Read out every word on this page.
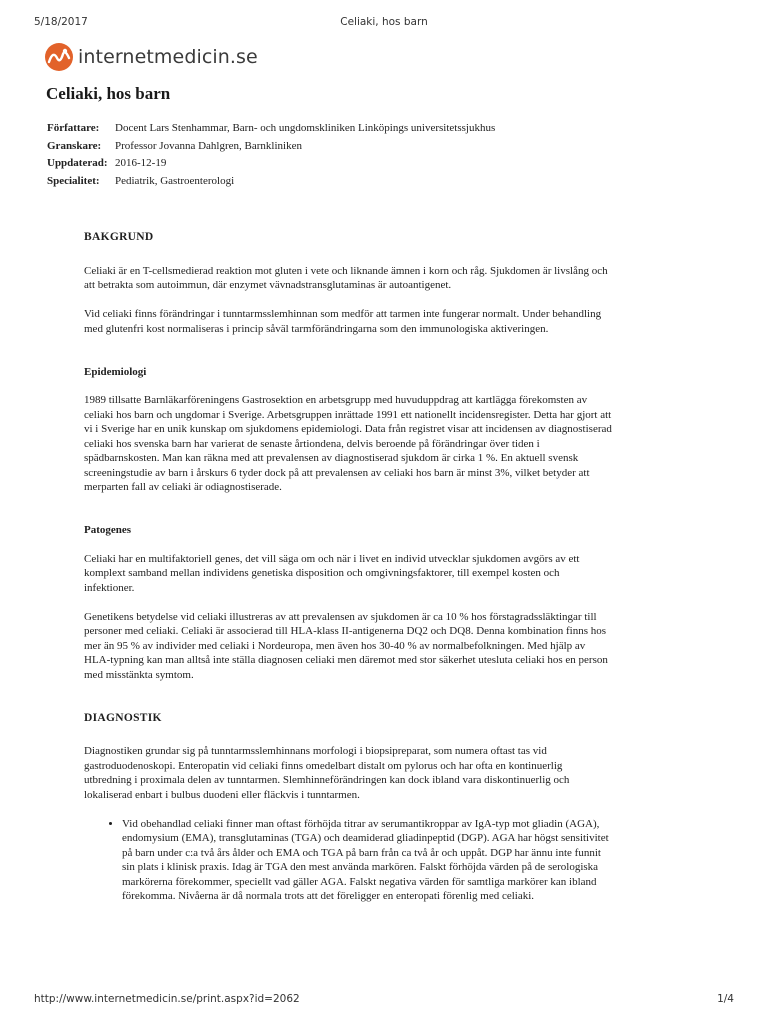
5/18/2017	Celiaki, hos barn
internetmedicin.se
Celiaki, hos barn
Författare:	Docent Lars Stenhammar, Barn- och ungdomskliniken Linköpings universitetssjukhus
Granskare:	Professor Jovanna Dahlgren, Barnkliniken
Uppdaterad: 2016-12-19
Specialitet:	Pediatrik, Gastroenterologi
BAKGRUND

Celiaki är en T-cellsmedierad reaktion mot gluten i vete och liknande ämnen i korn och råg. Sjukdomen är livslång och att betrakta som autoimmun, där enzymet vävnadstransglutaminas är autoantigenet.

Vid celiaki finns förändringar i tunntarmsslemhinnan som medför att tarmen inte fungerar normalt. Under behandling med glutenfri kost normaliseras i princip såväl tarmförändringarna som den immunologiska aktiveringen.

Epidemiologi

1989 tillsatte Barnläkarföreningens Gastrosektion en arbetsgrupp med huvuduppdrag att kartlägga förekomsten av celiaki hos barn och ungdomar i Sverige. Arbetsgruppen inrättade 1991 ett nationellt incidensregister. Detta har gjort att vi i Sverige har en unik kunskap om sjukdomens epidemiologi. Data från registret visar att incidensen av diagnostiserad celiaki hos svenska barn har varierat de senaste årtiondena, delvis beroende på förändringar över tiden i spädbarnskosten. Man kan räkna med att prevalensen av diagnostiserad sjukdom är cirka 1 %. En aktuell svensk screeningstudie av barn i årskurs 6 tyder dock på att prevalensen av celiaki hos barn är minst 3%, vilket betyder att merparten fall av celiaki är odiagnostiserade.

Patogenes

Celiaki har en multifaktoriell genes, det vill säga om och när i livet en individ utvecklar sjukdomen avgörs av ett komplext samband mellan individens genetiska disposition och omgivningsfaktorer, till exempel kosten och infektioner.

Genetikens betydelse vid celiaki illustreras av att prevalensen av sjukdomen är ca 10 % hos förstagradssläktingar till personer med celiaki. Celiaki är associerad till HLA-klass II-antigenerna DQ2 och DQ8. Denna kombination finns hos mer än 95 % av individer med celiaki i Nordeuropa, men även hos 30-40 % av normalbefolkningen. Med hjälp av HLA-typning kan man alltså inte ställa diagnosen celiaki men däremot med stor säkerhet utesluta celiaki hos en person med misstänkta symtom.

DIAGNOSTIK

Diagnostiken grundar sig på tunntarmsslemhinnans morfologi i biopsipreparat, som numera oftast tas vid gastroduodenoskopi. Enteropatin vid celiaki finns omedelbart distalt om pylorus och har ofta en kontinuerlig utbredning i proximala delen av tunntarmen. Slemhinneförändringen kan dock ibland vara diskontinuerlig och lokaliserad enbart i bulbus duodeni eller fläckvis i tunntarmen.

• Vid obehandlad celiaki finner man oftast förhöjda titrar av serumantikroppar av IgA-typ mot gliadin (AGA), endomysium (EMA), transglutaminas (TGA) och deamiderad gliadinpeptid (DGP). AGA har högst sensitivitet på barn under c:a två års ålder och EMA och TGA på barn från ca två år och uppåt. DGP har ännu inte funnit sin plats i klinisk praxis. Idag är TGA den mest använda markören. Falskt förhöjda värden på de serologiska markörerna förekommer, speciellt vad gäller AGA. Falskt negativa värden för samtliga markörer kan ibland förekomma. Nivåerna är då normala trots att det föreligger en enteropati förenlig med celiaki.
http://www.internetmedicin.se/print.aspx?id=2062	1/4
